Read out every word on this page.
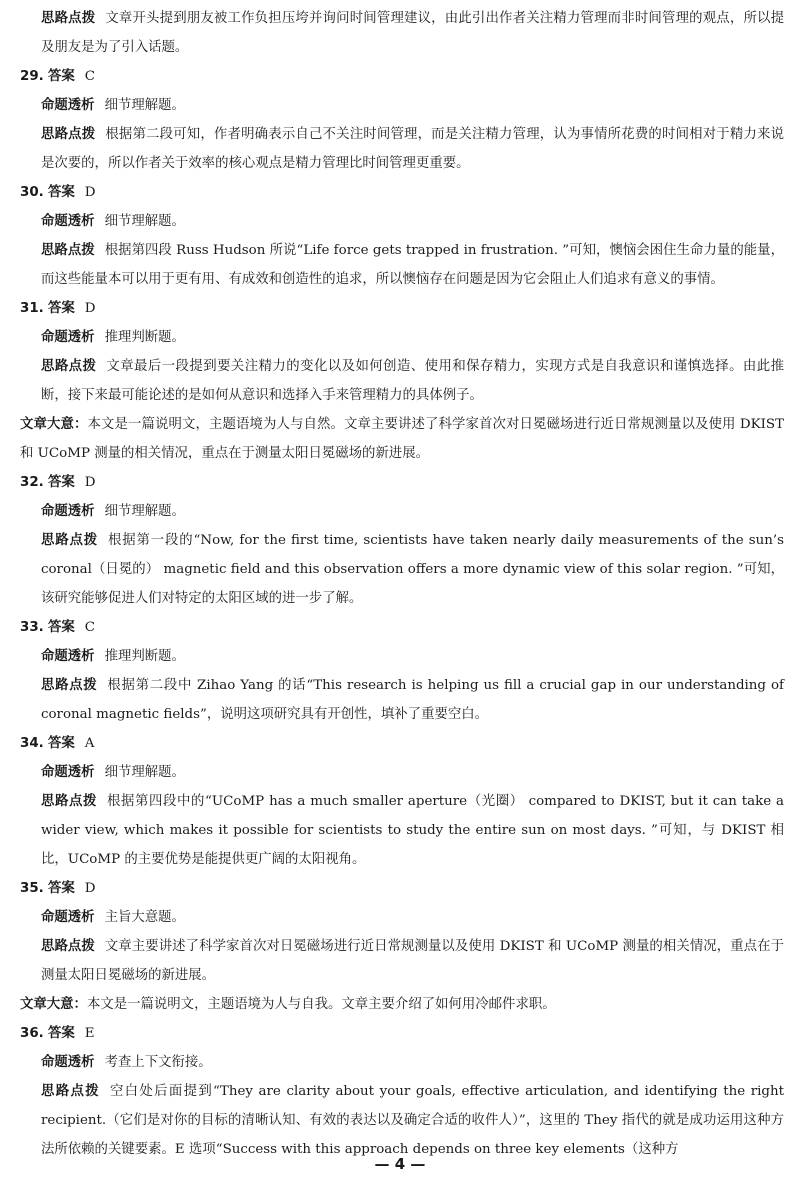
思路点拨 文章开头提到朋友被工作负担压垮并询问时间管理建议，由此引出作者关注精力管理而非时间管理的观点，所以提及朋友是为了引入话题。

29. 答案 C

命题透析 细节理解题。

思路点拨 根据第二段可知，作者明确表示自己不关注时间管理，而是关注精力管理，认为事情所花费的时间相对于精力来说是次要的，所以作者关于效率的核心观点是精力管理比时间管理更重要。

30. 答案 D

命题透析 细节理解题。

思路点拨 根据第四段 Russ Hudson 所说“Life force gets trapped in frustration. ”可知，懊恼会困住生命力量的能量，而这些能量本可以用于更有用、有成效和创造性的追求，所以懊恼存在问题是因为它会阻止人们追求有意义的事情。

31. 答案 D

命题透析 推理判断题。

思路点拨 文章最后一段提到要关注精力的变化以及如何创造、使用和保存精力，实现方式是自我意识和谨慎选择。由此推断，接下来最可能论述的是如何从意识和选择入手来管理精力的具体例子。

文章大意：本文是一篇说明文，主题语境为人与自然。文章主要讲述了科学家首次对日冕磁场进行近日常规测量以及使用 DKIST 和 UCoMP 测量的相关情况，重点在于测量太阳日冕磁场的新进展。

32. 答案 D

命题透析 细节理解题。

思路点拨 根据第一段的“Now, for the first time, scientists have taken nearly daily measurements of the sun’s coronal（日冕的） magnetic field and this observation offers a more dynamic view of this solar region. ”可知，该研究能够促进人们对特定的太阳区域的进一步了解。

33. 答案 C

命题透析 推理判断题。

思路点拨 根据第二段中 Zihao Yang 的话“This research is helping us fill a crucial gap in our understanding of coronal magnetic fields”，说明这项研究具有开创性，填补了重要空白。

34. 答案 A

命题透析 细节理解题。

思路点拨 根据第四段中的“UCoMP has a much smaller aperture（光圈） compared to DKIST, but it can take a wider view, which makes it possible for scientists to study the entire sun on most days. ”可知，与 DKIST 相比，UCoMP 的主要优势是能提供更广阔的太阳视角。

35. 答案 D

命题透析 主旨大意题。

思路点拨 文章主要讲述了科学家首次对日冕磁场进行近日常规测量以及使用 DKIST 和 UCoMP 测量的相关情况，重点在于测量太阳日冕磁场的新进展。

文章大意：本文是一篇说明文，主题语境为人与自我。文章主要介绍了如何用冷邮件求职。

36. 答案 E

命题透析 考查上下文衔接。

思路点拨 空白处后面提到“They are clarity about your goals, effective articulation, and identifying the right recipient.（它们是对你的目标的清晰认知、有效的表达以及确定合适的收件人）”，这里的 They 指代的就是成功运用这种方法所依赖的关键要素。E 选项“Success with this approach depends on three key elements（这种方

— 4 —
